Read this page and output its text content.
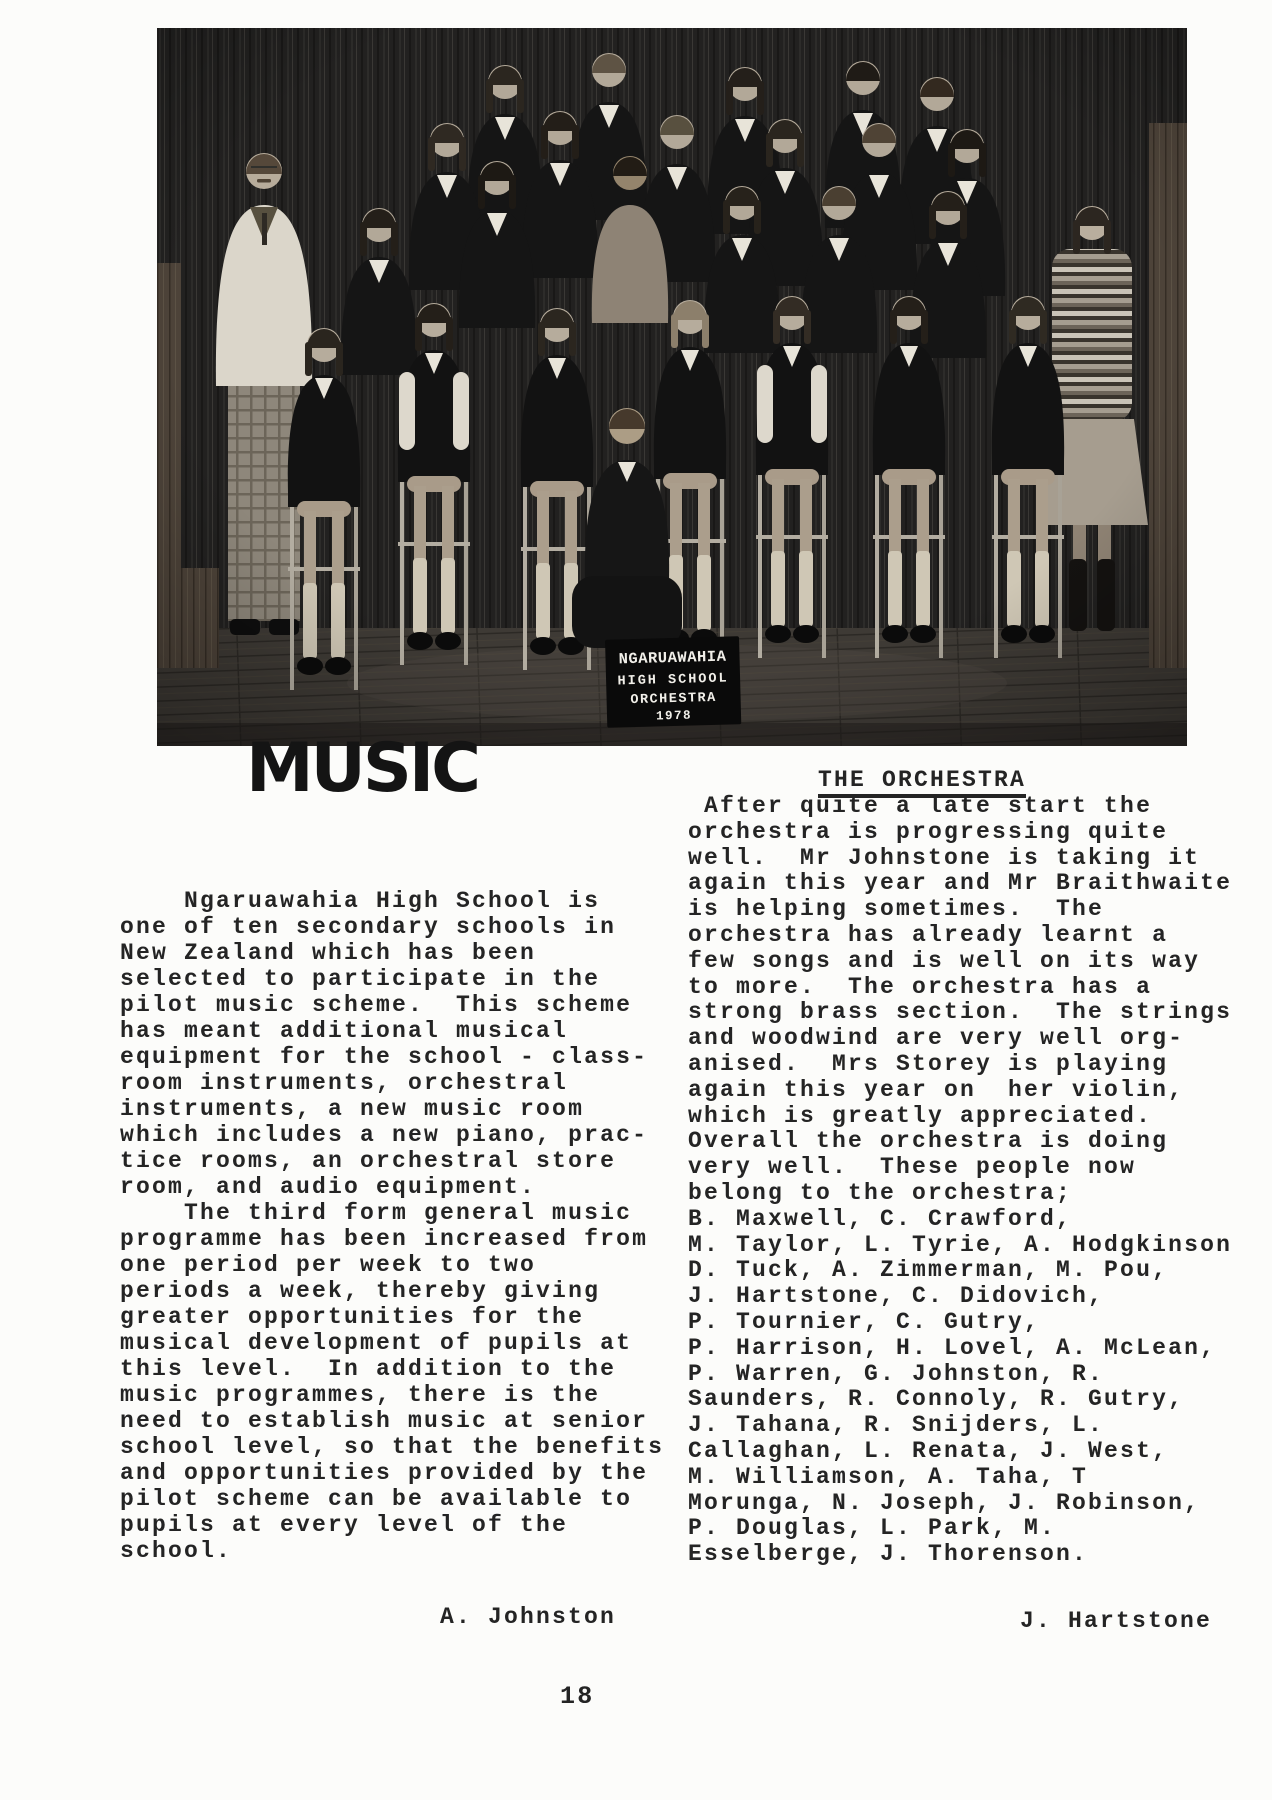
NGARUAWAHIA
HIGH SCHOOL
ORCHESTRA
1978
MUSIC	THE ORCHESTRA
Ngaruawahia High School is
one of ten secondary schools in
New Zealand which has been
selected to participate in the
pilot music scheme.  This scheme
has meant additional musical
equipment for the school - class-
room instruments, orchestral
instruments, a new music room
which includes a new piano, prac-
tice rooms, an orchestral store
room, and audio equipment.
The third form general music
programme has been increased from
one period per week to two
periods a week, thereby giving
greater opportunities for the
musical development of pupils at
this level.  In addition to the
music programmes, there is the
need to establish music at senior
school level, so that the benefits
and opportunities provided by the
pilot scheme can be available to
pupils at every level of the
school.
After quite a late start the
orchestra is progressing quite
well.  Mr Johnstone is taking it
again this year and Mr Braithwaite
is helping sometimes.  The
orchestra has already learnt a
few songs and is well on its way
to more.  The orchestra has a
strong brass section.  The strings
and woodwind are very well org-
anised.  Mrs Storey is playing
again this year on  her violin,
which is greatly appreciated.
Overall the orchestra is doing
very well.  These people now
belong to the orchestra;
B. Maxwell, C. Crawford,
M. Taylor, L. Tyrie, A. Hodgkinson
D. Tuck, A. Zimmerman, M. Pou,
J. Hartstone, C. Didovich,
P. Tournier, C. Gutry,
P. Harrison, H. Lovel, A. McLean,
P. Warren, G. Johnston, R.
Saunders, R. Connoly, R. Gutry,
J. Tahana, R. Snijders, L.
Callaghan, L. Renata, J. West,
M. Williamson, A. Taha, T
Morunga, N. Joseph, J. Robinson,
P. Douglas, L. Park, M.
Esselberge, J. Thorenson.
A. Johnston	J. Hartstone
18
